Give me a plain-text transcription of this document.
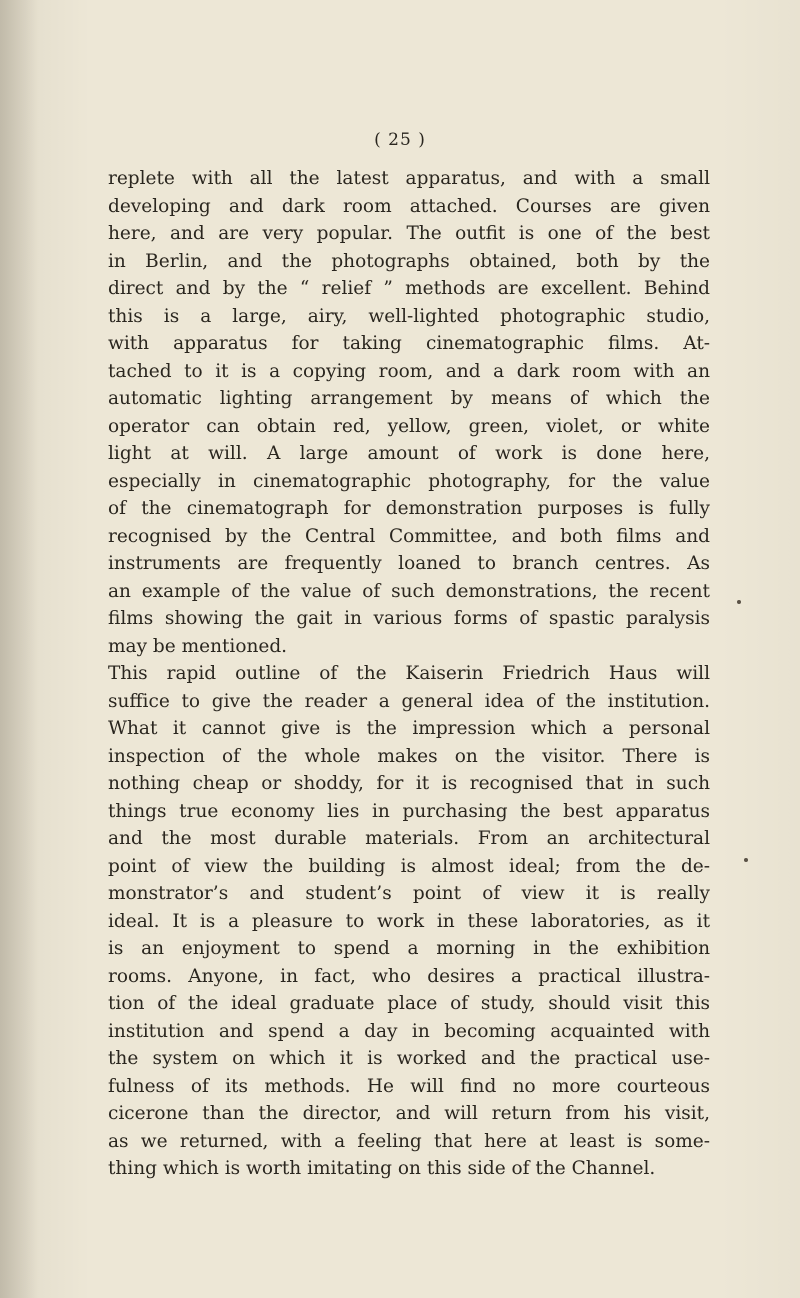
( 25 )
replete with all the latest apparatus, and with a small
developing and dark room attached. Courses are given
here, and are very popular. The outfit is one of the best
in Berlin, and the photographs obtained, both by the
direct and by the “ relief ” methods are excellent. Behind
this is a large, airy, well-lighted photographic studio,
with apparatus for taking cinematographic films. At-
tached to it is a copying room, and a dark room with an
automatic lighting arrangement by means of which the
operator can obtain red, yellow, green, violet, or white
light at will. A large amount of work is done here,
especially in cinematographic photography, for the value
of the cinematograph for demonstration purposes is fully
recognised by the Central Committee, and both films and
instruments are frequently loaned to branch centres. As
an example of the value of such demonstrations, the recent
films showing the gait in various forms of spastic paralysis
may be mentioned.
This rapid outline of the Kaiserin Friedrich Haus will
suffice to give the reader a general idea of the institution.
What it cannot give is the impression which a personal
inspection of the whole makes on the visitor. There is
nothing cheap or shoddy, for it is recognised that in such
things true economy lies in purchasing the best apparatus
and the most durable materials. From an architectural
point of view the building is almost ideal; from the de-
monstrator’s and student’s point of view it is really
ideal. It is a pleasure to work in these laboratories, as it
is an enjoyment to spend a morning in the exhibition
rooms. Anyone, in fact, who desires a practical illustra-
tion of the ideal graduate place of study, should visit this
institution and spend a day in becoming acquainted with
the system on which it is worked and the practical use-
fulness of its methods. He will find no more courteous
cicerone than the director, and will return from his visit,
as we returned, with a feeling that here at least is some-
thing which is worth imitating on this side of the Channel.
